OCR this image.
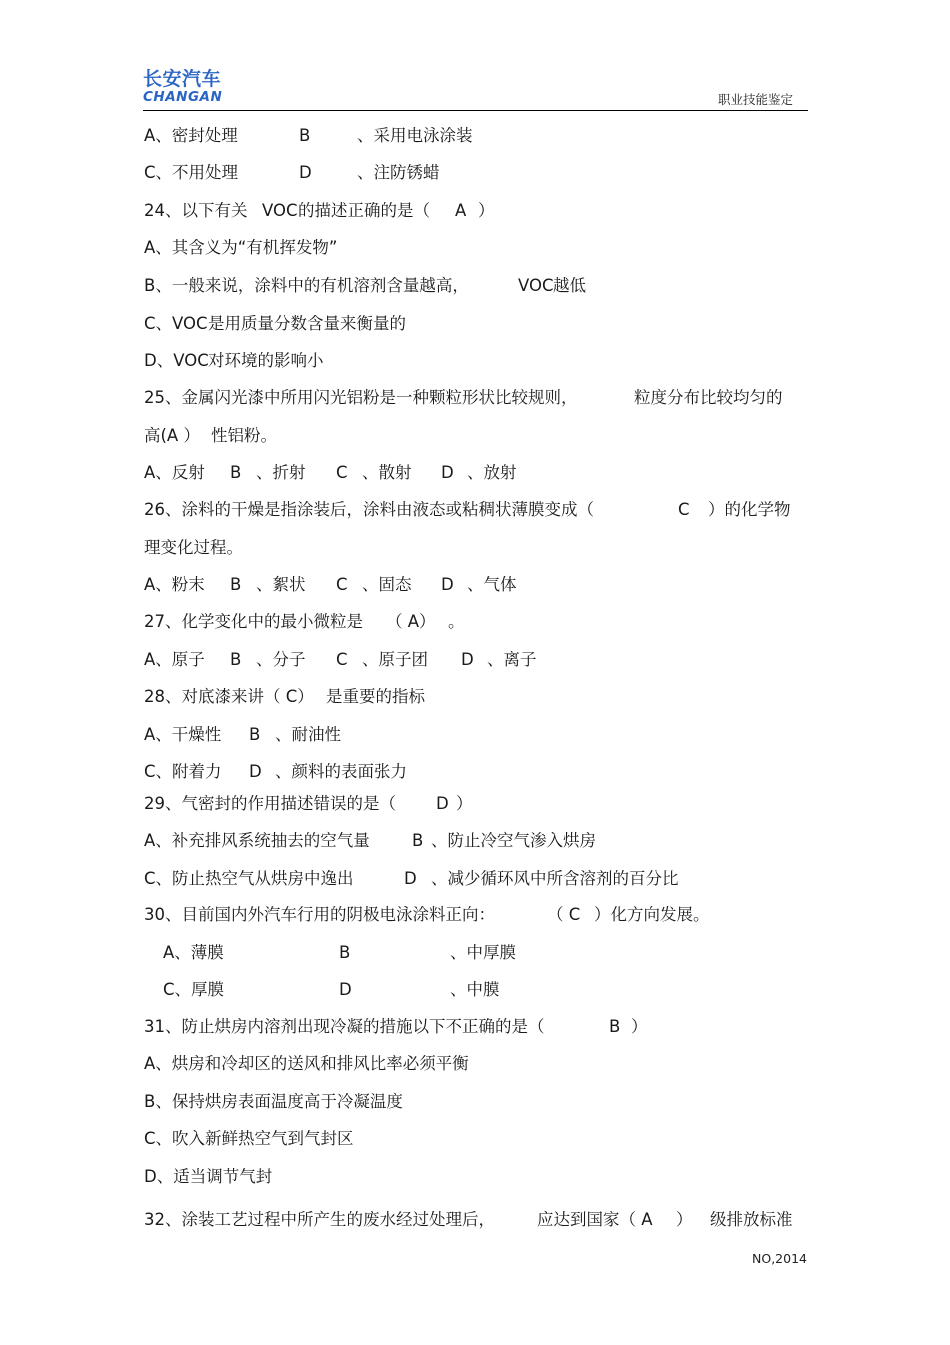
长安汽车
CHANGAN	职业技能鉴定
A、密封处理	B	、采用电泳涂装
C、不用处理	D	、注防锈蜡
24、以下有关 VOC 的描述正确的是（ A ）
A、其含义为“有机挥发物”
B、一般来说，涂料中的有机溶剂含量越高，	VOC 越低
C、VOC 是用质量分数含量来衡量的
D、VOC 对环境的影响小
25、金属闪光漆中所用闪光铝粉是一种颗粒形状比较规则，	粒度分布比较均匀的
高(A ） 性铝粉。
A、反射 B 、折射 C 、散射 D 、放射
26、涂料的干燥是指涂装后，涂料由液态或粘稠状薄膜变成（	C ）的化学物
理变化过程。
A、粉末 B 、絮状 C 、固态 D 、气体
27、化学变化中的最小微粒是 （ A） 。
A、原子 B 、分子 C 、原子团 D 、离子
28、对底漆来讲（ C） 是重要的指标
A、干燥性 B 、耐油性
C、附着力 D 、颜料的表面张力
29、气密封的作用描述错误的是（ D ）
A、补充排风系统抽去的空气量	B 、防止冷空气渗入烘房
C、防止热空气从烘房中逸出	D 、减少循环风中所含溶剂的百分比
30、目前国内外汽车行用的阴极电泳涂料正向：	（ C ）化方向发展。
A、薄膜	B	、中厚膜
C、厚膜	D	、中膜
31、防止烘房内溶剂出现冷凝的措施以下不正确的是（	B ）
A、烘房和冷却区的送风和排风比率必须平衡
B、保持烘房表面温度高于冷凝温度
C、吹入新鲜热空气到气封区
D、适当调节气封
32、涂装工艺过程中所产生的废水经过处理后，	应达到国家（ A ） 级排放标准
NO,2014
